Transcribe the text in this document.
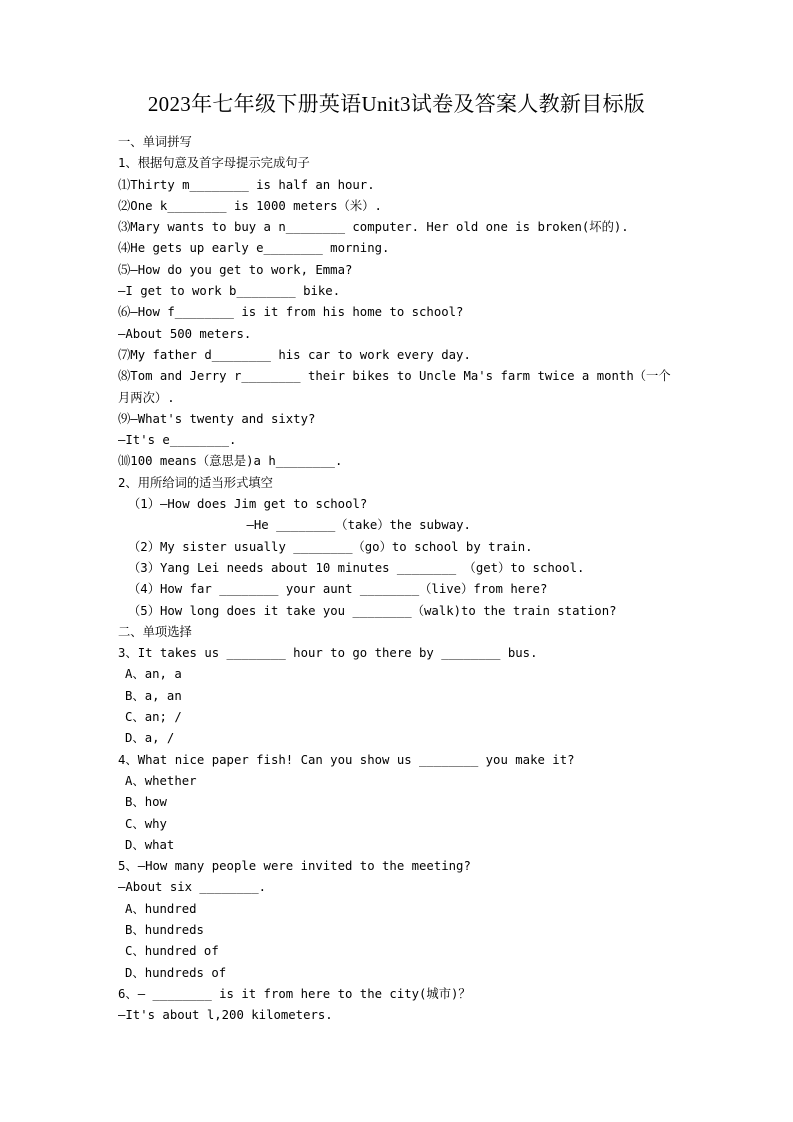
2023年七年级下册英语Unit3试卷及答案人教新目标版
一、单词拼写
1、根据句意及首字母提示完成句子
⑴Thirty m________ is half an hour.
⑵One k________ is 1000 meters（米）.
⑶Mary wants to buy a n________ computer. Her old one is broken(坏的).
⑷He gets up early e________ morning.
⑸—How do you get to work, Emma?
—I get to work b________ bike.
⑹—How f________ is it from his home to school?
—About 500 meters.
⑺My father d________ his car to work every day.
⑻Tom and Jerry r________ their bikes to Uncle Ma's farm twice a month（一个月两次）.
⑼—What's twenty and sixty?
—It's e________.
⑽100 means（意思是)a h________.
2、用所给词的适当形式填空
（1）—How does Jim get to school?
—He ________（take）the subway.
（2）My sister usually ________（go）to school by train.
（3）Yang Lei needs about 10 minutes ________ （get）to school.
（4）How far ________ your aunt ________（live）from here?
（5）How long does it take you ________（walk)to the train station?
二、单项选择
3、It takes us ________ hour to go there by ________ bus.
A、an, a
B、a, an
C、an; /
D、a, /
4、What nice paper fish! Can you show us ________ you make it?
A、whether
B、how
C、why
D、what
5、—How many people were invited to the meeting?
—About six ________.
A、hundred
B、hundreds
C、hundred of
D、hundreds of
6、— ________ is it from here to the city(城市)？
—It's about l,200 kilometers.
